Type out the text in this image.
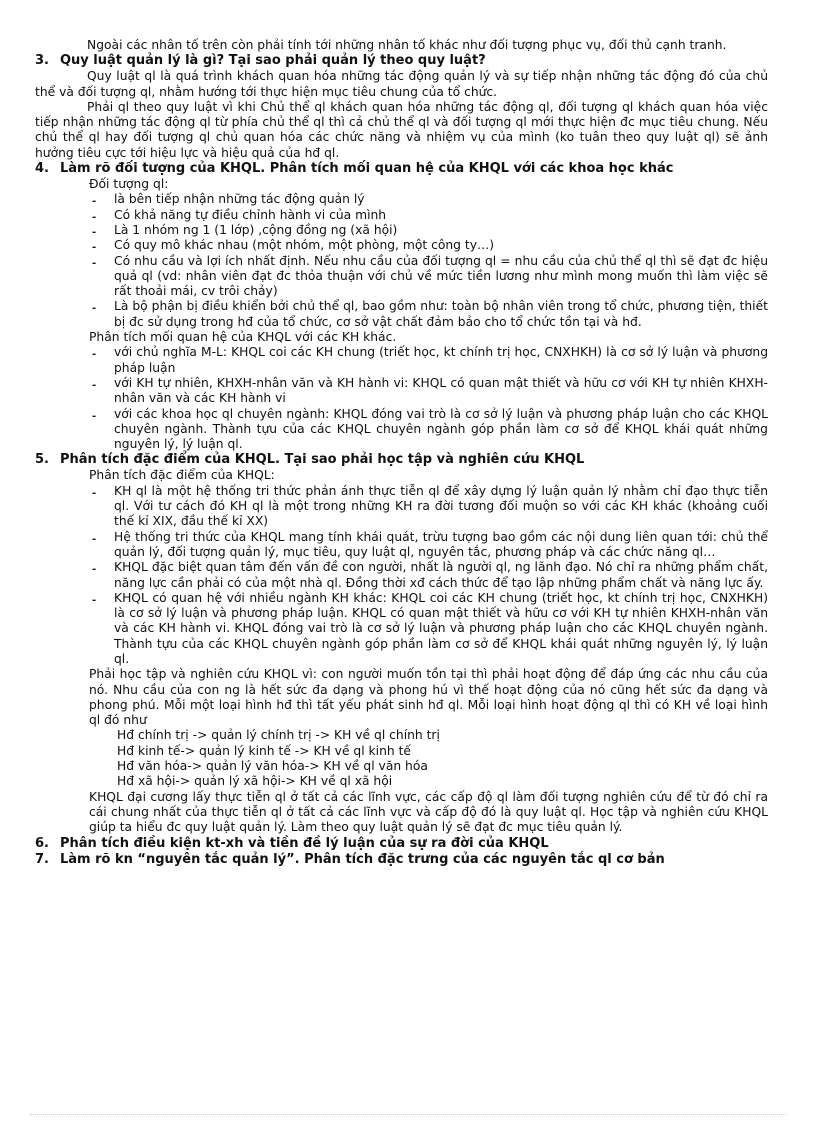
Ngoài các nhân tố trên còn phải tính tới những nhân tố khác như đối tượng phục vụ, đối thủ cạnh tranh.

3. Quy luật quản lý là gì? Tại sao phải quản lý theo quy luật?

Quy luật ql là quá trình khách quan hóa những tác động quản lý và sự tiếp nhận những tác động đó của chủ thể và đối tượng ql, nhằm hướng tới thực hiện mục tiêu chung của tổ chức.

Phải ql theo quy luật vì khi Chủ thể ql khách quan hóa những tác động ql, đối tượng ql khách quan hóa việc tiếp nhận những tác động ql từ phía chủ thể ql thì cả chủ thể ql và đối tượng ql mới thực hiện đc mục tiêu chung. Nếu chủ thể ql hay đối tượng ql chủ quan hóa các chức năng và nhiệm vụ của mình (ko tuân theo quy luật ql) sẽ ảnh hưởng tiêu cực tới hiệu lực và hiệu quả của hđ ql.

4. Làm rõ đối tượng của KHQL. Phân tích mối quan hệ của KHQL với các khoa học khác

Đối tượng ql:

- là bên tiếp nhận những tác động quản lý
- Có khả năng tự điều chỉnh hành vi của mình
- Là 1 nhóm ng 1 (1 lớp) ,cộng đồng ng (xã hội)
- Có quy mô khác nhau (một nhóm, một phòng, một công ty…)
- Có nhu cầu và lợi ích nhất định. Nếu nhu cầu của đối tượng ql = nhu cầu của chủ thể ql thì sẽ đạt đc hiệu quả ql (vd: nhân viên đạt đc thỏa thuận với chủ về mức tiền lương như mình mong muốn thì làm việc sẽ rất thoải mái, cv trôi chảy)
- Là bộ phận bị điều khiển bởi chủ thể ql, bao gồm như: toàn bộ nhân viên trong tổ chức, phương tiện, thiết bị đc sử dụng trong hđ của tổ chức, cơ sở vật chất đảm bảo cho tổ chức tồn tại và hđ.

Phân tích mối quan hệ của KHQL với các KH khác.

- với chủ nghĩa M-L: KHQL coi các KH chung (triết học, kt chính trị học, CNXHKH) là cơ sở lý luận và phương pháp luận
- với KH tự nhiên, KHXH-nhân văn và KH hành vi: KHQL có quan mật thiết và hữu cơ với KH tự nhiên KHXH-nhân văn và các KH hành vi
- với các khoa học ql chuyên ngành: KHQL đóng vai trò là cơ sở lý luận và phương pháp luận cho các KHQL chuyên ngành. Thành tựu của các KHQL chuyên ngành góp phần làm cơ sở để KHQL khái quát những nguyên lý, lý luận ql.
5. Phân tích đặc điểm của KHQL. Tại sao phải học tập và nghiên cứu KHQL

Phân tích đặc điểm của KHQL:

- KH ql là một hệ thống tri thức phản ánh thực tiễn ql để xây dựng lý luận quản lý nhằm chỉ đạo thực tiễn ql. Với tư cách đó KH ql là một trong những KH ra đời tương đối muộn so với các KH khác (khoảng cuối thế kỉ XIX, đầu thế kỉ XX)
- Hệ thống tri thức của KHQL mang tính khái quát, trừu tượng bao gồm các nội dung liên quan tới: chủ thể quản lý, đối tượng quản lý, mục tiêu, quy luật ql, nguyên tắc, phương pháp và các chức năng ql…
- KHQL đặc biệt quan tâm đến vấn đề con người, nhất là người ql, ng lãnh đạo. Nó chỉ ra những phẩm chất, năng lực cần phải có của một nhà ql. Đồng thời xđ cách thức để tạo lập những phẩm chất và năng lực ấy.
- KHQL có quan hệ với nhiều ngành KH khác: KHQL coi các KH chung (triết học, kt chính trị học, CNXHKH) là cơ sở lý luận và phương pháp luận. KHQL có quan mật thiết và hữu cơ với KH tự nhiên KHXH-nhân văn và các KH hành vi. KHQL đóng vai trò là cơ sở lý luận và phương pháp luận cho các KHQL chuyên ngành. Thành tựu của các KHQL chuyên ngành góp phần làm cơ sở để KHQL khái quát những nguyên lý, lý luận ql.

Phải học tập và nghiên cứu KHQL vì: con người muốn tồn tại thì phải hoạt động để đáp ứng các nhu cầu của nó. Nhu cầu của con ng là hết sức đa dạng và phong hú vì thế hoạt động của nó cũng hết sức đa dạng và phong phú. Mỗi một loại hình hđ thì tất yếu phát sinh hđ ql. Mỗi loại hình hoạt động ql thì có KH về loại hình ql đó như

Hđ chính trị -> quản lý chính trị -> KH về ql chính trị

Hđ kinh tế-> quản lý kinh tế -> KH về ql kinh tế

Hđ văn hóa-> quản lý văn hóa-> KH về ql văn hóa

Hđ xã hội-> quản lý xã hội-> KH về ql xã hội

KHQL đại cương lấy thực tiễn ql ở tất cả các lĩnh vực, các cấp độ ql làm đối tượng nghiên cứu để từ đó chỉ ra cái chung nhất của thực tiễn ql ở tất cả các lĩnh vực và cấp độ đó là quy luật ql. Học tập và nghiên cứu KHQL giúp ta hiểu đc quy luật quản lý. Làm theo quy luật quản lý sẽ đạt đc mục tiêu quản lý.

6. Phân tích điều kiện kt-xh và tiền đề lý luận của sự ra đời của KHQL
7. Làm rõ kn “nguyên tắc quản lý”. Phân tích đặc trưng của các nguyên tắc ql cơ bản
